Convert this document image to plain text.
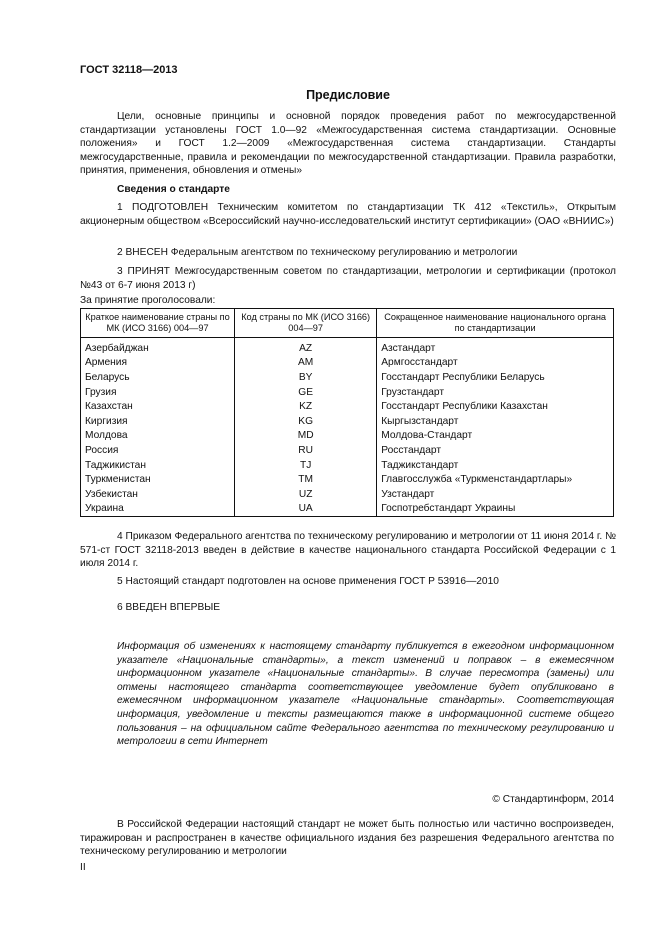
ГОСТ 32118—2013
Предисловие
Цели, основные принципы и основной порядок проведения работ по межгосударственной стандартизации установлены ГОСТ 1.0—92 «Межгосударственная система стандартизации. Основные положения» и ГОСТ 1.2—2009 «Межгосударственная система стандартизации. Стандарты межгосударственные, правила и рекомендации по межгосударственной стандартизации. Правила разработки, принятия, применения, обновления и отмены»
Сведения о стандарте
1 ПОДГОТОВЛЕН Техническим комитетом по стандартизации ТК 412 «Текстиль», Открытым акционерным обществом «Всероссийский научно-исследовательский институт сертификации» (ОАО «ВНИИС»)
2 ВНЕСЕН Федеральным агентством по техническому регулированию и метрологии
3 ПРИНЯТ Межгосударственным советом по стандартизации, метрологии и сертификации (протокол №43 от 6-7 июня 2013 г)
За принятие проголосовали:
Краткое наименование страны по МК (ИСО 3166) 004—97	Код страны по МК (ИСО 3166) 004—97	Сокращенное наименование национального органа по стандартизации
Азербайджан	AZ	Азстандарт
Армения	AM	Армгосстандарт
Беларусь	BY	Госстандарт Республики Беларусь
Грузия	GE	Грузстандарт
Казахстан	KZ	Госстандарт Республики Казахстан
Киргизия	KG	Кыргызстандарт
Молдова	MD	Молдова-Стандарт
Россия	RU	Росстандарт
Таджикистан	TJ	Таджикстандарт
Туркменистан	TM	Главгосслужба «Туркменстандартлары»
Узбекистан	UZ	Узстандарт
Украина	UA	Госпотребстандарт Украины
4 Приказом Федерального агентства по техническому регулированию и метрологии от 11 июня 2014 г. № 571-ст ГОСТ 32118-2013 введен в действие в качестве национального стандарта Российской Федерации с 1 июля 2014 г.
5 Настоящий стандарт подготовлен на основе применения ГОСТ Р 53916—2010
6 ВВЕДЕН ВПЕРВЫЕ
Информация об изменениях к настоящему стандарту публикуется в ежегодном информационном указателе «Национальные стандарты», а текст изменений и поправок – в ежемесячном информационном указателе «Национальные стандарты». В случае пересмотра (замены) или отмены настоящего стандарта соответствующее уведомление будет опубликовано в ежемесячном информационном указателе «Национальные стандарты». Соответствующая информация, уведомление и тексты размещаются также в информационной системе общего пользования – на официальном сайте Федерального агентства по техническому регулированию и метрологии в сети Интернет
© Стандартинформ, 2014
В Российской Федерации настоящий стандарт не может быть полностью или частично воспроизведен, тиражирован и распространен в качестве официального издания без разрешения Федерального агентства по техническому регулированию и метрологии
II
